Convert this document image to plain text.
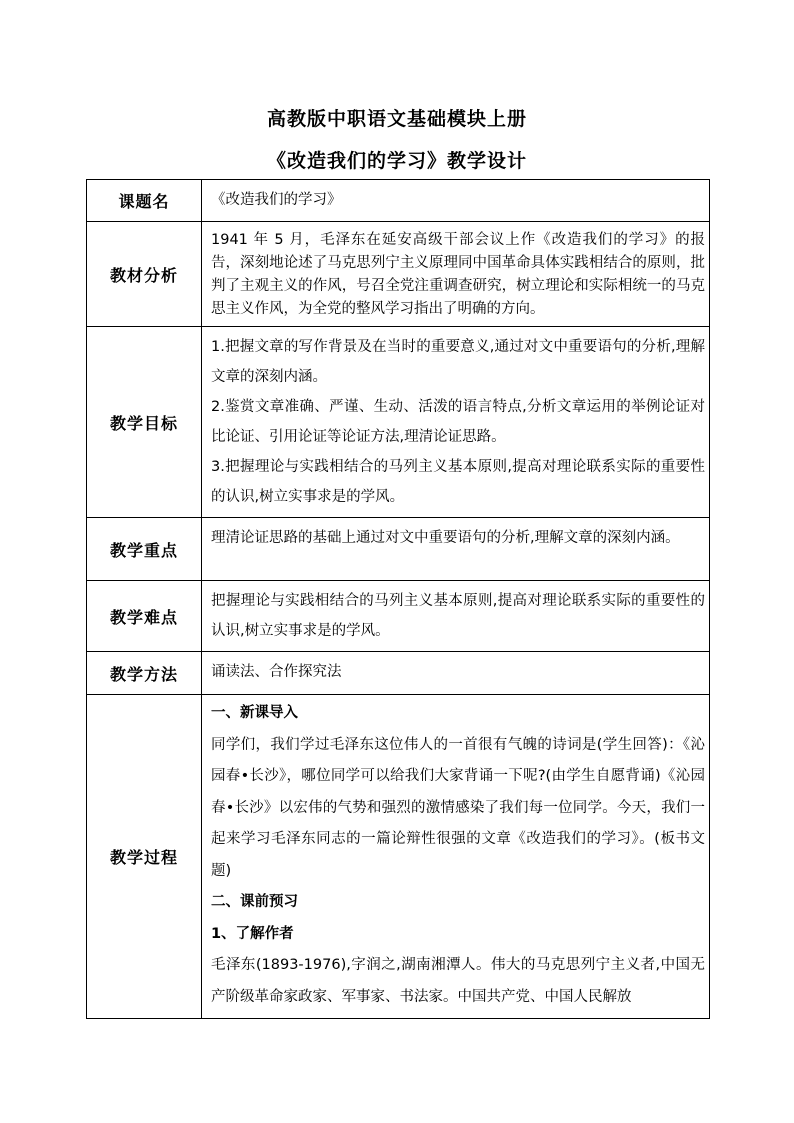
高教版中职语文基础模块上册
《改造我们的学习》教学设计
课题名	《改造我们的学习》

教材分析	1941 年 5 月，毛泽东在延安高级干部会议上作《改造我们的学习》的报告，深刻地论述了马克思列宁主义原理同中国革命具体实践相结合的原则，批判了主观主义的作风，号召全党注重调查研究，树立理论和实际相统一的马克思主义作风，为全党的整风学习指出了明确的方向。

教学目标	1.把握文章的写作背景及在当时的重要意义,通过对文中重要语句的分析,理解文章的深刻内涵。

2.鉴赏文章准确、严谨、生动、活泼的语言特点,分析文章运用的举例论证对比论证、引用论证等论证方法,理清论证思路。

3.把握理论与实践相结合的马列主义基本原则,提高对理论联系实际的重要性的认识,树立实事求是的学风。

教学重点	理清论证思路的基础上通过对文中重要语句的分析,理解文章的深刻内涵。

教学难点	把握理论与实践相结合的马列主义基本原则,提高对理论联系实际的重要性的认识,树立实事求是的学风。

教学方法	诵读法、合作探究法

教学过程	一、新课导入

同学们，我们学过毛泽东这位伟人的一首很有气魄的诗词是(学生回答)：《沁园春•长沙》，哪位同学可以给我们大家背诵一下呢?(由学生自愿背诵)《沁园春•长沙》以宏伟的气势和强烈的激情感染了我们每一位同学。今天，我们一起来学习毛泽东同志的一篇论辩性很强的文章《改造我们的学习》。(板书文题)

二、课前预习

1、了解作者

毛泽东(1893-1976),字润之,湖南湘潭人。伟大的马克思列宁主义者,中国无产阶级革命家政家、军事家、书法家。中国共产党、中国人民解放
